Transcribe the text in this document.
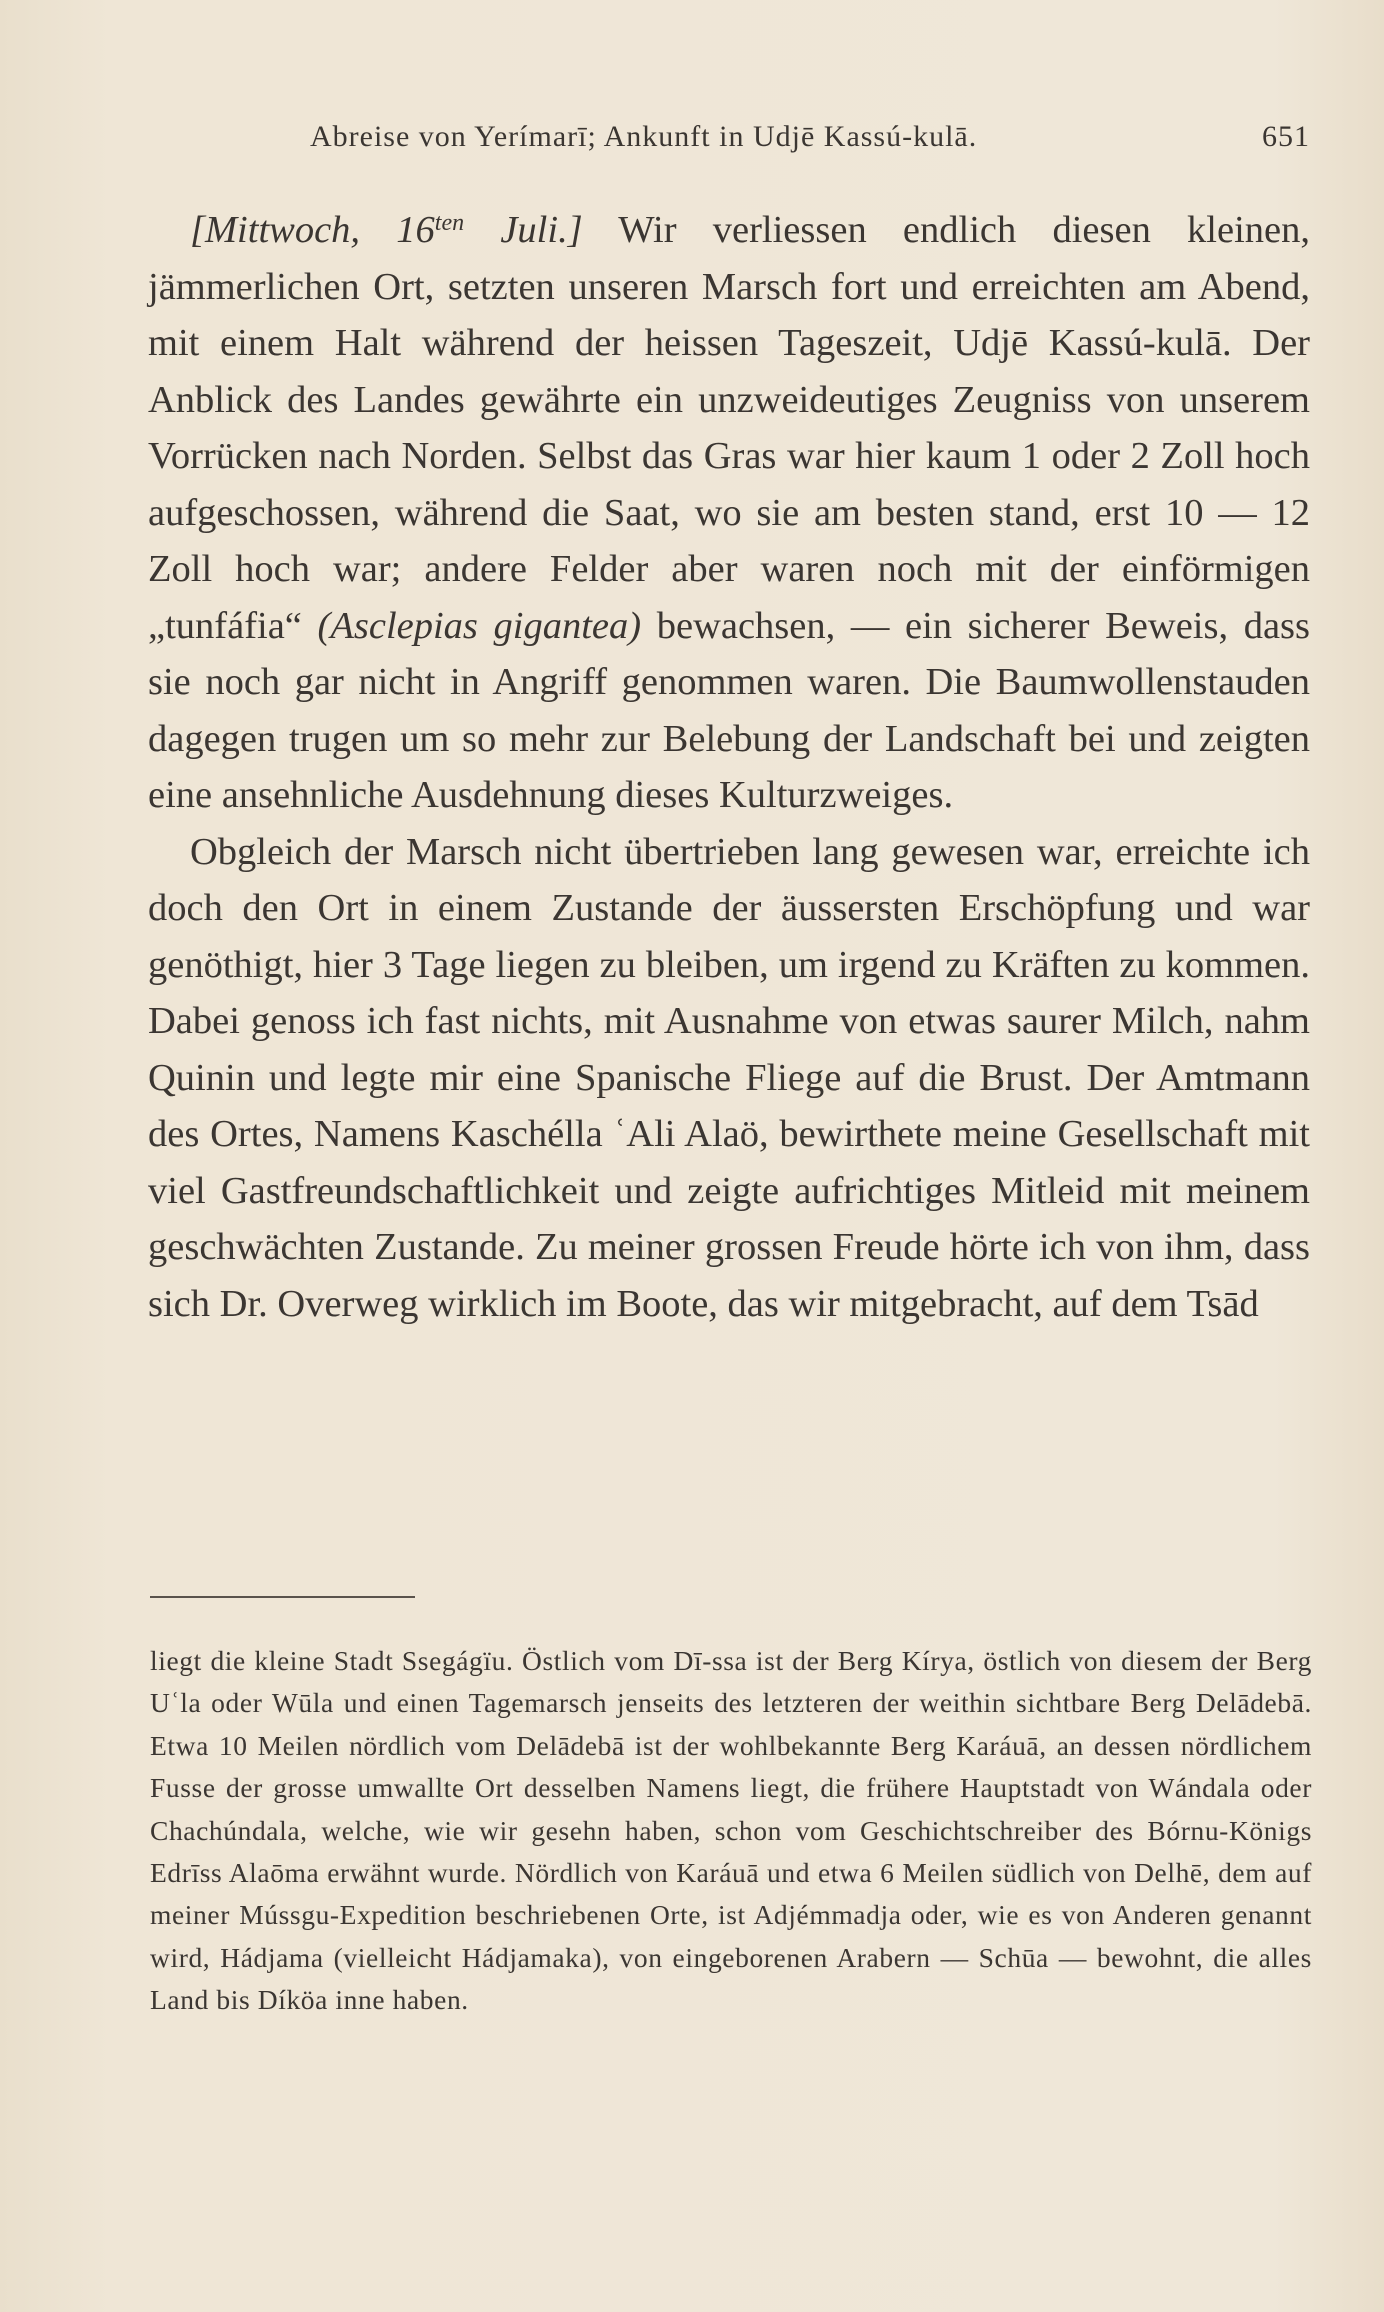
Abreise von Yerímarī; Ankunft in Udjē Kassú-kulā.	651

[Mittwoch, $16^{ten}$ Juli.] Wir verliessen endlich diesen kleinen, jämmerlichen Ort, setzten unseren Marsch fort und erreichten am Abend, mit einem Halt während der heissen Tageszeit, Udjē Kassú-kulā. Der Anblick des Landes gewährte ein unzweideutiges Zeugniss von unserem Vorrücken nach Norden. Selbst das Gras war hier kaum 1 oder 2 Zoll hoch aufgeschossen, während die Saat, wo sie am besten stand, erst 10 — 12 Zoll hoch war; andere Felder aber waren noch mit der einförmigen „tunfáfia“ (Asclepias gigantea) bewachsen, — ein sicherer Beweis, dass sie noch gar nicht in Angriff genommen waren. Die Baumwollenstauden dagegen trugen um so mehr zur Belebung der Landschaft bei und zeigten eine ansehnliche Ausdehnung dieses Kulturzweiges.

Obgleich der Marsch nicht übertrieben lang gewesen war, erreichte ich doch den Ort in einem Zustande der äussersten Erschöpfung und war genöthigt, hier 3 Tage liegen zu bleiben, um irgend zu Kräften zu kommen. Dabei genoss ich fast nichts, mit Ausnahme von etwas saurer Milch, nahm Quinin und legte mir eine Spanische Fliege auf die Brust. Der Amtmann des Ortes, Namens Kaschélla ʿAli Alaö, bewirthete meine Gesellschaft mit viel Gastfreundschaftlichkeit und zeigte aufrichtiges Mitleid mit meinem geschwächten Zustande. Zu meiner grossen Freude hörte ich von ihm, dass sich Dr. Overweg wirklich im Boote, das wir mitgebracht, auf dem Tsād

liegt die kleine Stadt Ssegágïu. Östlich vom Dī-ssa ist der Berg Kírya, östlich von diesem der Berg Uʿla oder Wūla und einen Tagemarsch jenseits des letzteren der weithin sichtbare Berg Delādebā. Etwa 10 Meilen nördlich vom Delādebā ist der wohlbekannte Berg Karáuā, an dessen nördlichem Fusse der grosse umwallte Ort desselben Namens liegt, die frühere Hauptstadt von Wándala oder Chachúndala, welche, wie wir gesehn haben, schon vom Geschichtschreiber des Bórnu-Königs Edrīss Alaōma erwähnt wurde. Nördlich von Karáuā und etwa 6 Meilen südlich von Delhē, dem auf meiner Mússgu-Expedition beschriebenen Orte, ist Adjémmadja oder, wie es von Anderen genannt wird, Hádjama (vielleicht Hádjamaka), von eingeborenen Arabern — Schūa — bewohnt, die alles Land bis Díköa inne haben.
